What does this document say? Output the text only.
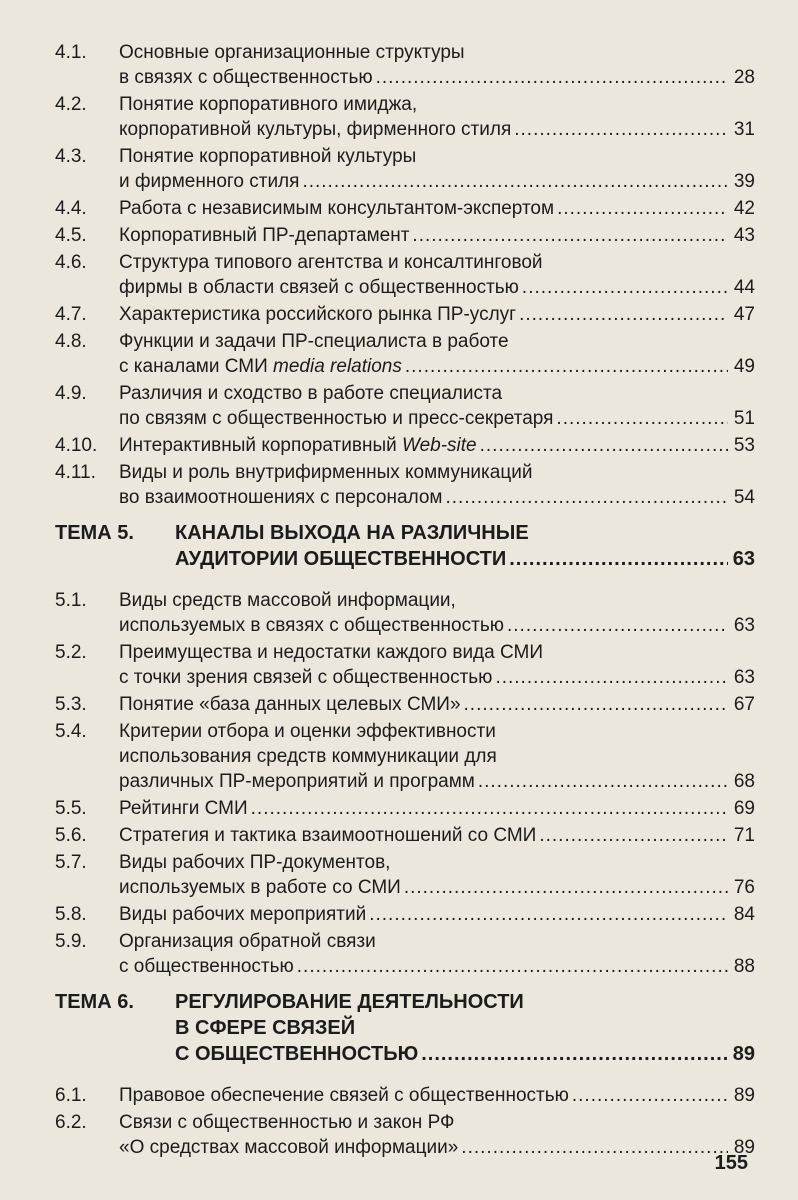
4.1.	Основные организационные структуры
в связях с общественностью .....	28
4.2.	Понятие корпоративного имиджа,
корпоративной культуры, фирменного стиля .....	31
4.3.	Понятие корпоративной культуры
и фирменного стиля .....	39
4.4.	Работа с независимым консультантом-экспертом .....	42
4.5.	Корпоративный ПР-департамент .....	43
4.6.	Структура типового агентства и консалтинговой
фирмы в области связей с общественностью .....	44
4.7.	Характеристика российского рынка ПР-услуг .....	47
4.8.	Функции и задачи ПР-специалиста в работе
с каналами СМИ
media relations .....	49
4.9.	Различия и сходство в работе специалиста
по связям с общественностью и пресс-секретаря .....	51
4.10.	Интерактивный корпоративный
Web-site .....	53
4.11.	Виды и роль внутрифирменных коммуникаций
во взаимоотношениях с персоналом .....	54
ТЕМА 5.	КАНАЛЫ ВЫХОДА НА РАЗЛИЧНЫЕ
АУДИТОРИИ ОБЩЕСТВЕННОСТИ .....	63
5.1.	Виды средств массовой информации,
используемых в связях с общественностью .....	63
5.2.	Преимущества и недостатки каждого вида СМИ
с точки зрения связей с общественностью .....	63
5.3.	Понятие «база данных целевых СМИ» .....	67
5.4.	Критерии отбора и оценки эффективности
использования средств коммуникации для
различных ПР-мероприятий и программ .....	68
5.5.	Рейтинги СМИ .....	69
5.6.	Стратегия и тактика взаимоотношений со СМИ .....	71
5.7.	Виды рабочих ПР-документов,
используемых в работе со СМИ .....	76
5.8.	Виды рабочих мероприятий .....	84
5.9.	Организация обратной связи
с общественностью .....	88
ТЕМА 6.	РЕГУЛИРОВАНИЕ ДЕЯТЕЛЬНОСТИ
В СФЕРЕ СВЯЗЕЙ
С ОБЩЕСТВЕННОСТЬЮ .....	89
6.1.	Правовое обеспечение связей с общественностью .....	89
6.2.	Связи с общественностью и закон РФ
«О средствах массовой информации» .....	89
155
